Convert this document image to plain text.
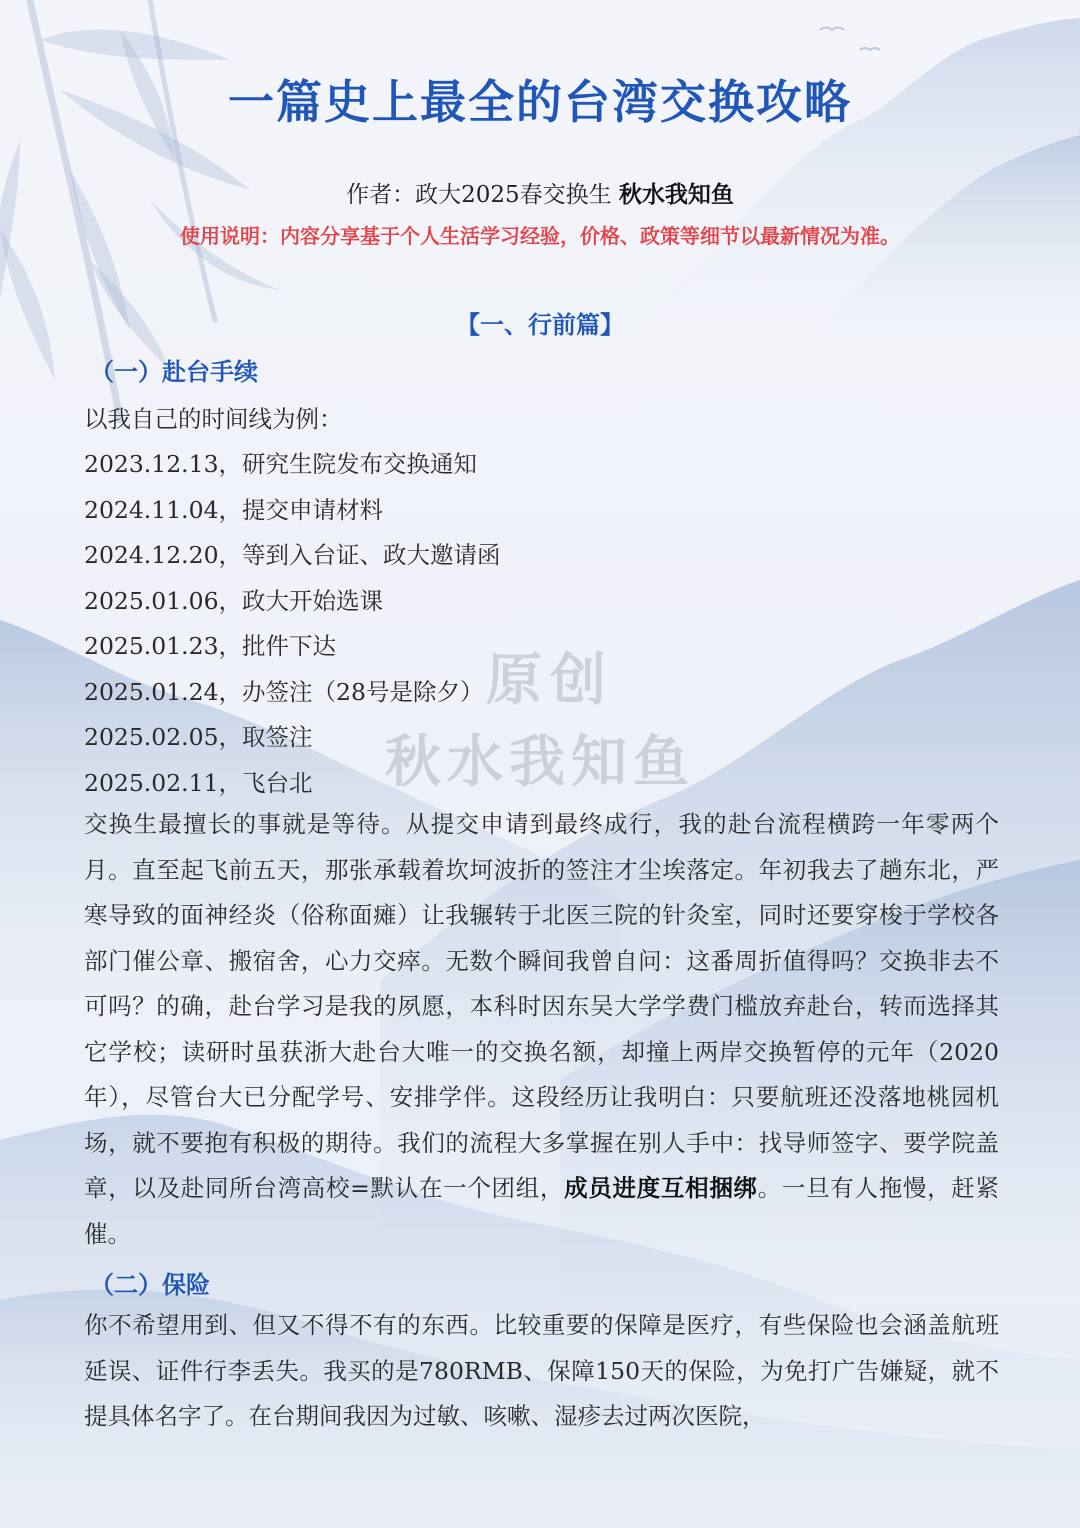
一篇史上最全的台湾交换攻略
作者：政大2025春交换生 秋水我知鱼
使用说明：内容分享基于个人生活学习经验，价格、政策等细节以最新情况为准。
【一、行前篇】
（一）赴台手续
以我自己的时间线为例：
2023.12.13，研究生院发布交换通知
2024.11.04，提交申请材料
2024.12.20，等到入台证、政大邀请函
2025.01.06，政大开始选课
2025.01.23，批件下达
2025.01.24，办签注（28号是除夕）
2025.02.05，取签注
2025.02.11，飞台北
交换生最擅长的事就是等待。从提交申请到最终成行，我的赴台流程横跨一年零两个月。直至起飞前五天，那张承载着坎坷波折的签注才尘埃落定。年初我去了趟东北，严寒导致的面神经炎（俗称面瘫）让我辗转于北医三院的针灸室，同时还要穿梭于学校各部门催公章、搬宿舍，心力交瘁。无数个瞬间我曾自问：这番周折值得吗？交换非去不可吗？的确，赴台学习是我的夙愿，本科时因东吴大学学费门槛放弃赴台，转而选择其它学校；读研时虽获浙大赴台大唯一的交换名额，却撞上两岸交换暂停的元年（2020年），尽管台大已分配学号、安排学伴。这段经历让我明白：只要航班还没落地桃园机场，就不要抱有积极的期待。我们的流程大多掌握在别人手中：找导师签字、要学院盖章，以及赴同所台湾高校=默认在一个团组，成员进度互相捆绑。一旦有人拖慢，赶紧催。
（二）保险
你不希望用到、但又不得不有的东西。比较重要的保障是医疗，有些保险也会涵盖航班延误、证件行李丢失。我买的是780RMB、保障150天的保险，为免打广告嫌疑，就不提具体名字了。在台期间我因为过敏、咳嗽、湿疹去过两次医院，
原创
秋水我知鱼
